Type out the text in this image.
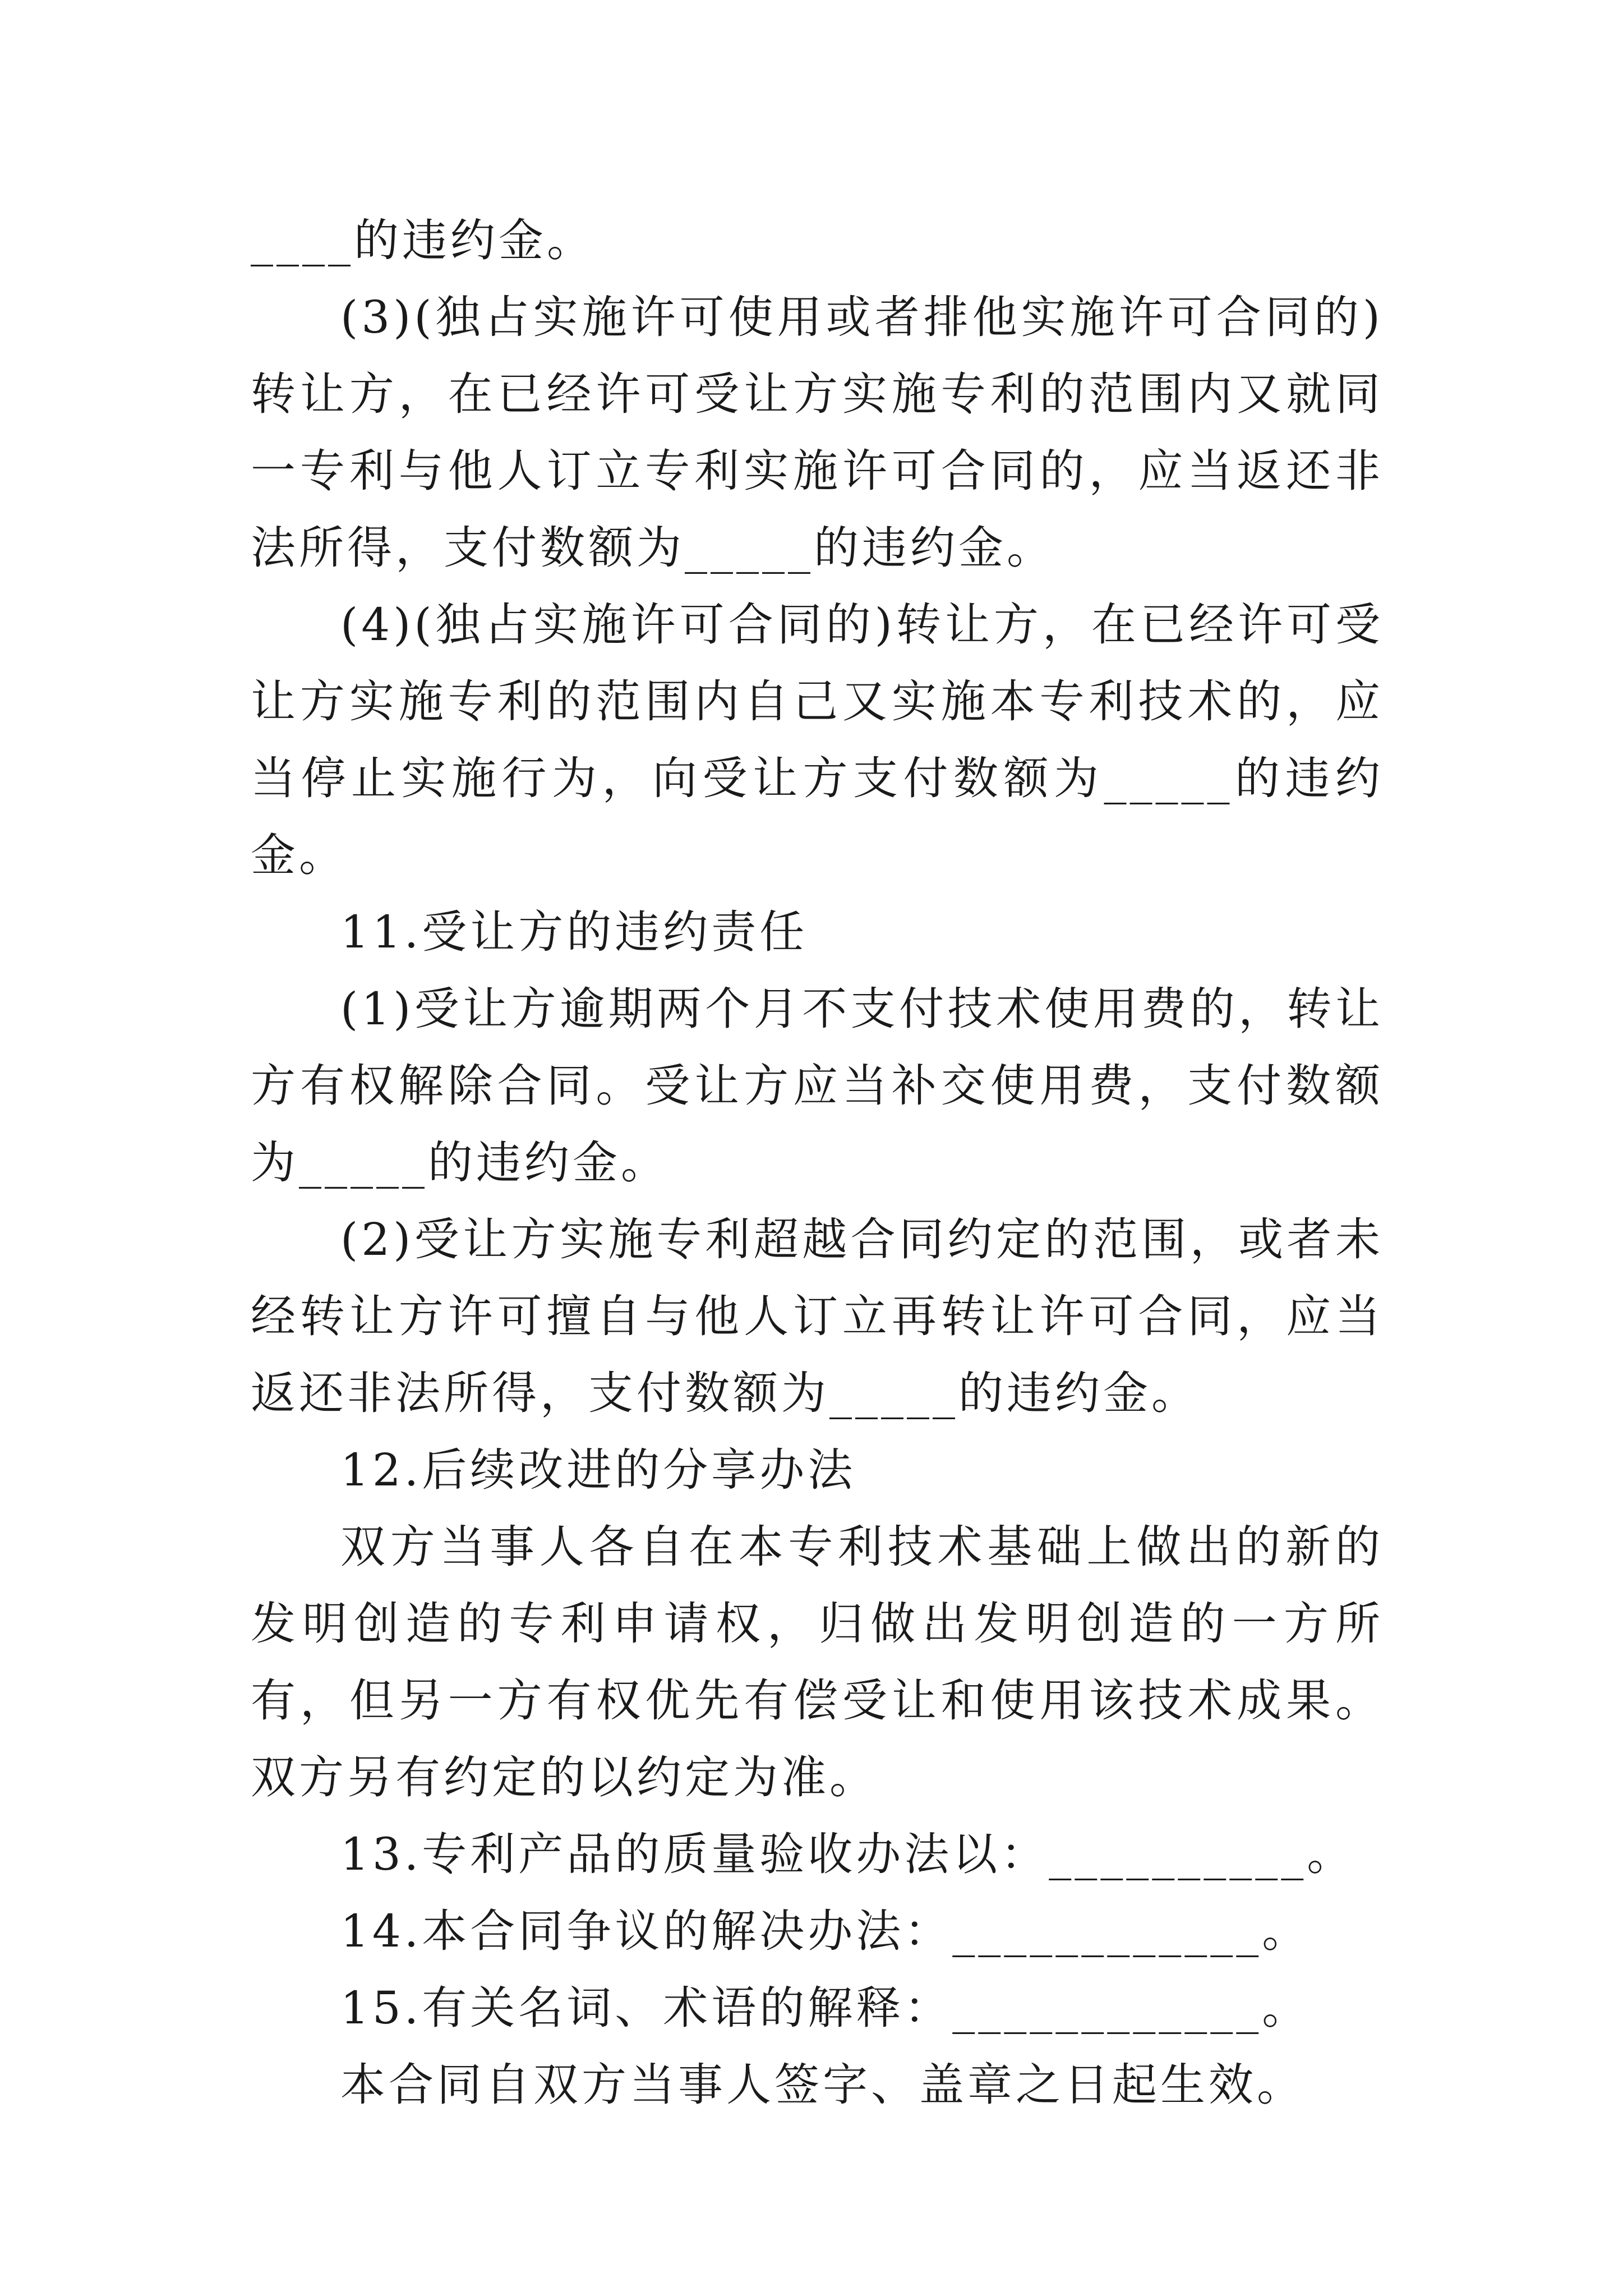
____的违约金。

(3)(独占实施许可使用或者排他实施许可合同的)转让方，在已经许可受让方实施专利的范围内又就同一专利与他人订立专利实施许可合同的，应当返还非法所得，支付数额为_____的违约金。

(4)(独占实施许可合同的)转让方，在已经许可受让方实施专利的范围内自己又实施本专利技术的，应当停止实施行为，向受让方支付数额为_____的违约金。

11.受让方的违约责任

(1)受让方逾期两个月不支付技术使用费的，转让方有权解除合同。受让方应当补交使用费，支付数额为_____的违约金。

(2)受让方实施专利超越合同约定的范围，或者未经转让方许可擅自与他人订立再转让许可合同，应当返还非法所得，支付数额为_____的违约金。

12.后续改进的分享办法

双方当事人各自在本专利技术基础上做出的新的发明创造的专利申请权，归做出发明创造的一方所有，但另一方有权优先有偿受让和使用该技术成果。双方另有约定的以约定为准。

13.专利产品的质量验收办法以：__________。

14.本合同争议的解决办法：____________。

15.有关名词、术语的解释：____________。

本合同自双方当事人签字、盖章之日起生效。
